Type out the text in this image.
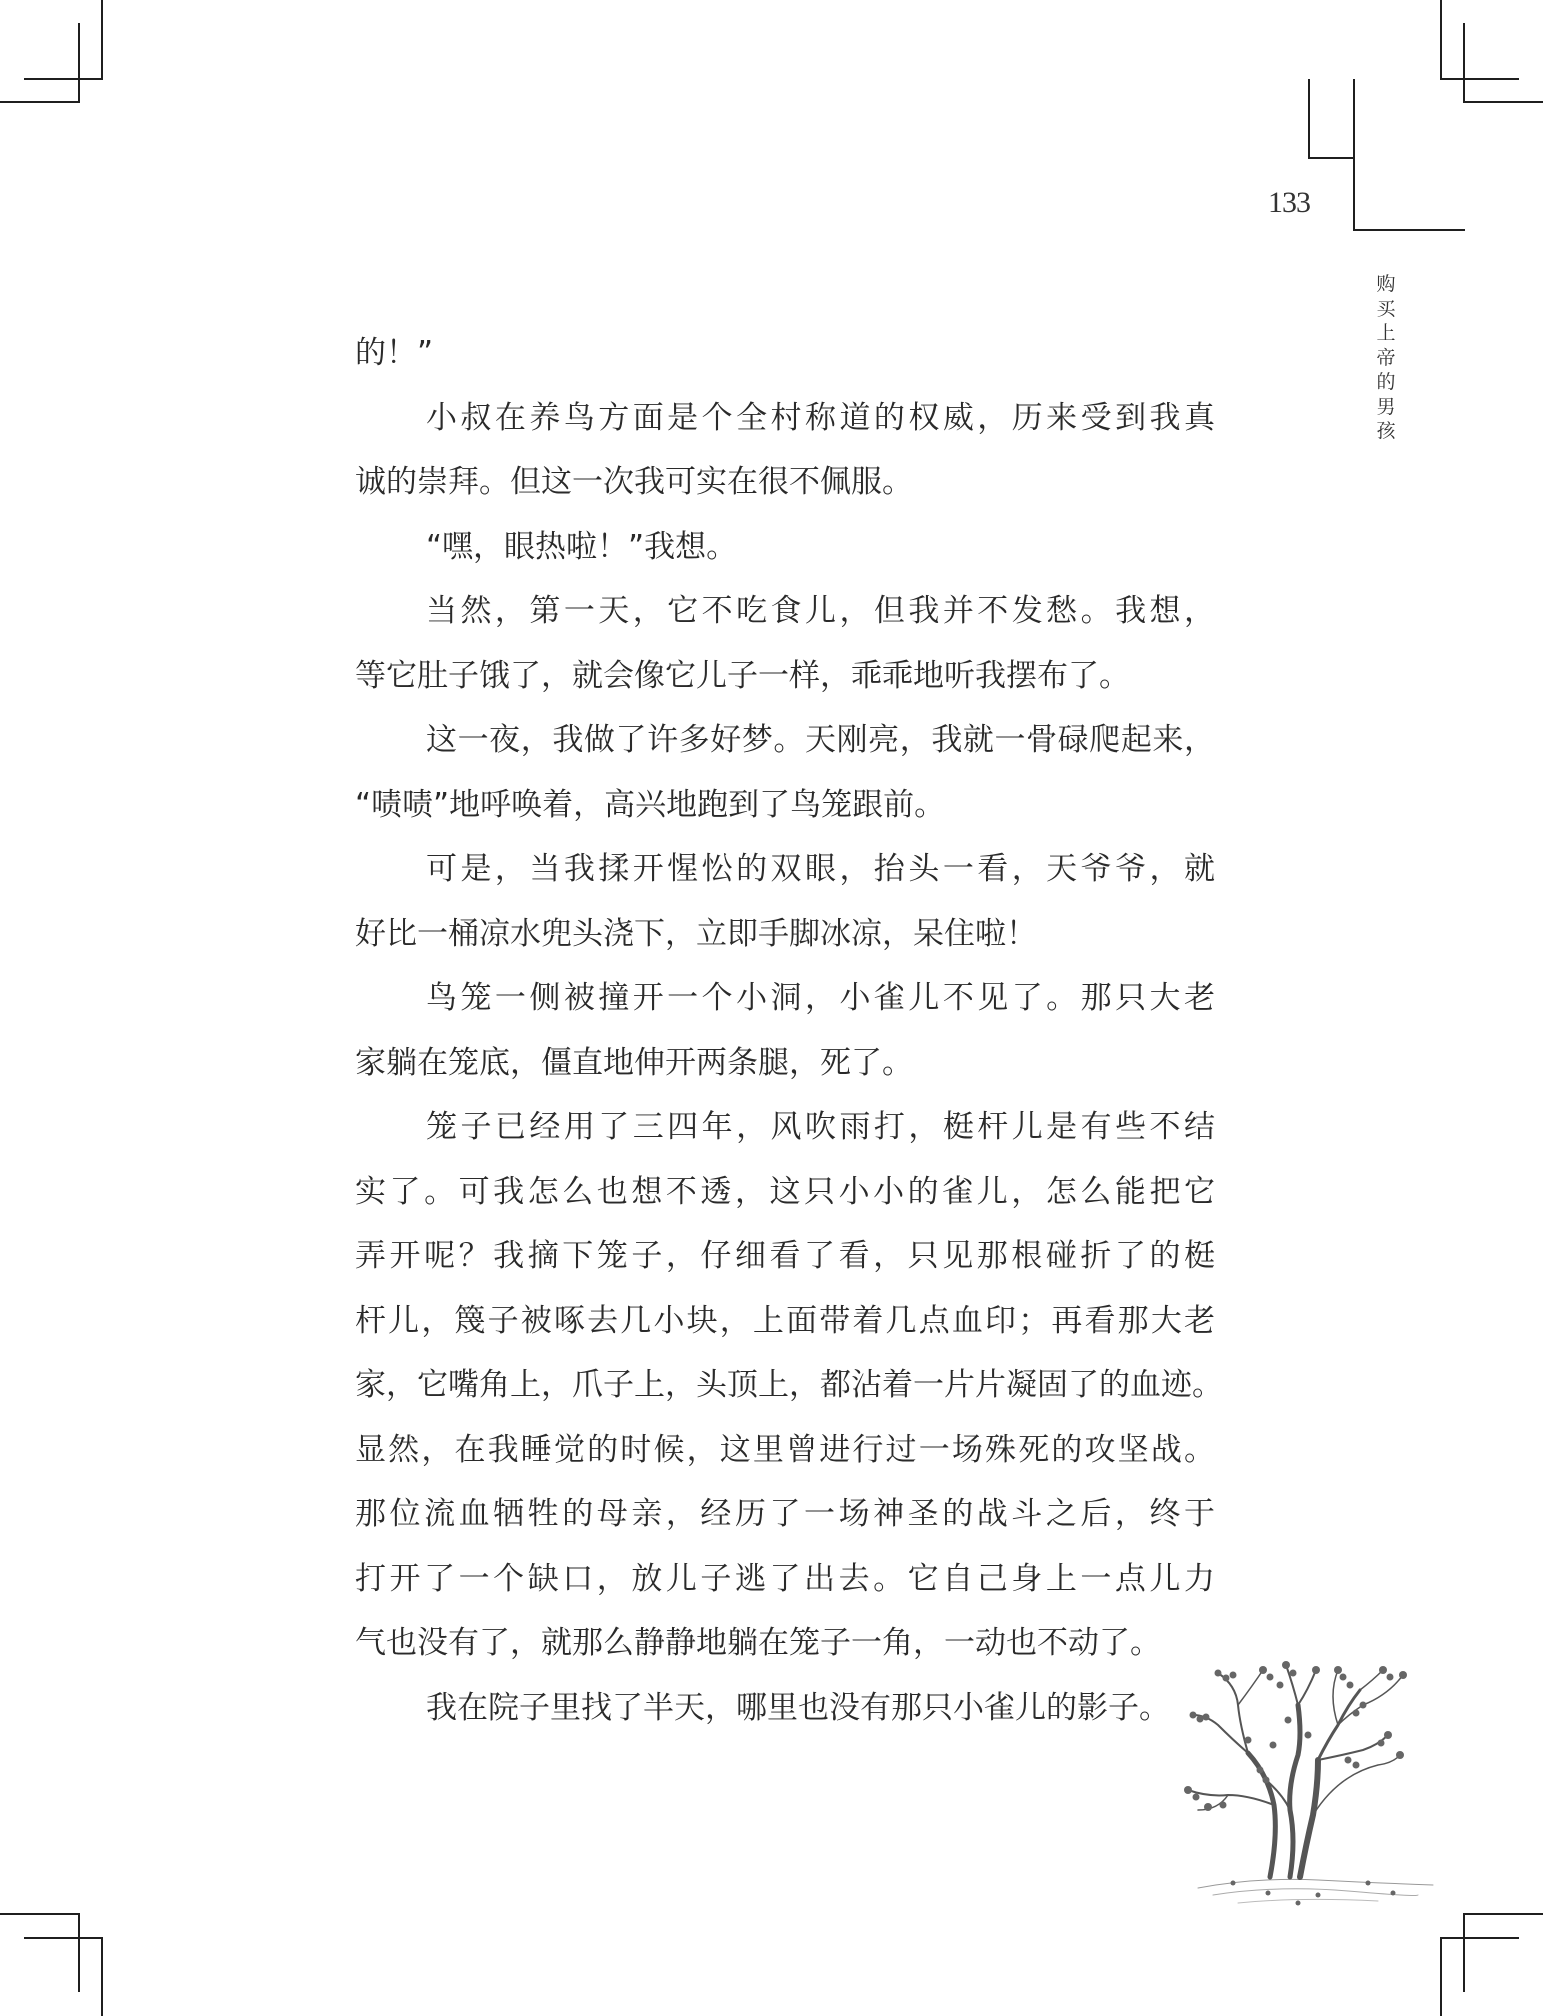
133
购买上帝的男孩
的！”
小叔在养鸟方面是个全村称道的权威，历来受到我真
诚的崇拜。但这一次我可实在很不佩服。
“嘿，眼热啦！”我想。
当然，第一天，它不吃食儿，但我并不发愁。我想，
等它肚子饿了，就会像它儿子一样，乖乖地听我摆布了。
这一夜，我做了许多好梦。天刚亮，我就一骨碌爬起来，
“啧啧”地呼唤着，高兴地跑到了鸟笼跟前。
可是，当我揉开惺忪的双眼，抬头一看，天爷爷，就
好比一桶凉水兜头浇下，立即手脚冰凉，呆住啦！
鸟笼一侧被撞开一个小洞，小雀儿不见了。那只大老
家躺在笼底，僵直地伸开两条腿，死了。
笼子已经用了三四年，风吹雨打，梃杆儿是有些不结
实了。可我怎么也想不透，这只小小的雀儿，怎么能把它
弄开呢？我摘下笼子，仔细看了看，只见那根碰折了的梃
杆儿，篾子被啄去几小块，上面带着几点血印；再看那大老
家，它嘴角上，爪子上，头顶上，都沾着一片片凝固了的血迹。
显然，在我睡觉的时候，这里曾进行过一场殊死的攻坚战。
那位流血牺牲的母亲，经历了一场神圣的战斗之后，终于
打开了一个缺口，放儿子逃了出去。它自己身上一点儿力
气也没有了，就那么静静地躺在笼子一角，一动也不动了。
我在院子里找了半天，哪里也没有那只小雀儿的影子。
